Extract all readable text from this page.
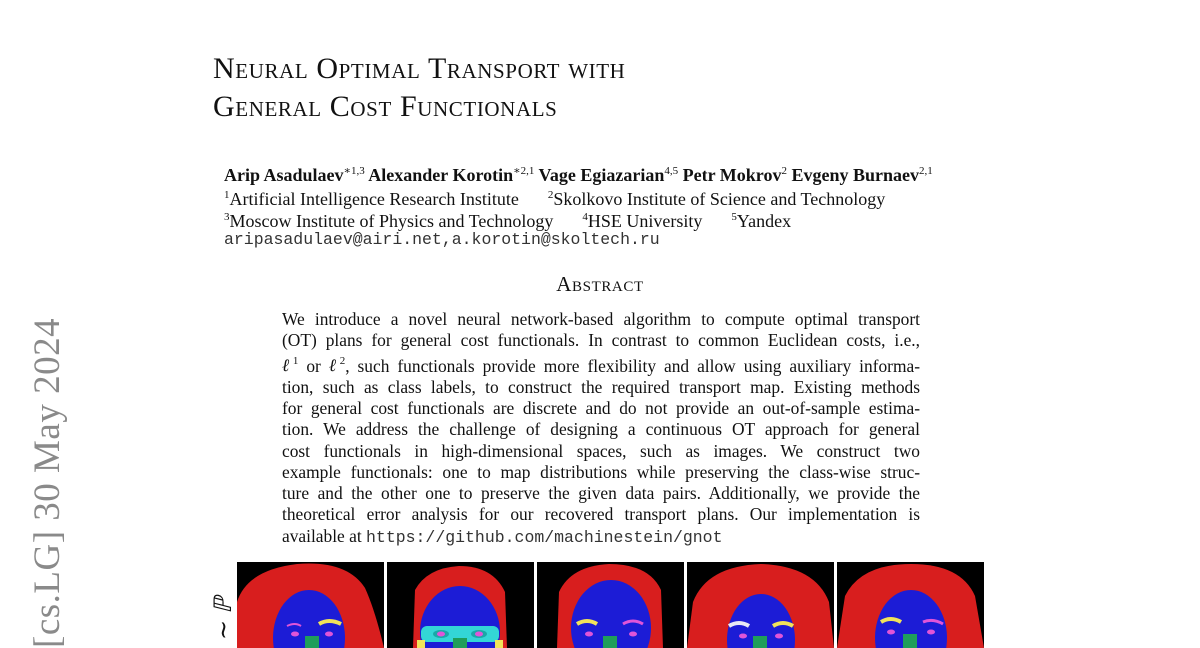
[cs.LG] 30 May 2024
Neural Optimal Transport with
General Cost Functionals
Arip Asadulaev$^{∗1,3}$ Alexander Korotin$^{∗2,1}$ Vage Egiazarian$^{4,5}$ Petr Mokrov$^2$ Evgeny Burnaev$^{2,1}$
$^1$Artificial Intelligence Research Institute	$^2$Skolkovo Institute of Science and Technology
$^3$Moscow Institute of Physics and Technology	$^4$HSE University	$^5$Yandex
aripasadulaev@airi.net,a.korotin@skoltech.ru
Abstract
We introduce a novel neural network-based algorithm to compute optimal transport
(OT) plans for general cost functionals. In contrast to common Euclidean costs, i.e.,
ℓ$^1$ or ℓ$^2$, such functionals provide more flexibility and allow using auxiliary informa-
tion, such as class labels, to construct the required transport map. Existing methods
for general cost functionals are discrete and do not provide an out-of-sample estima-
tion. We address the challenge of designing a continuous OT approach for general
cost functionals in high-dimensional spaces, such as images. We construct two
example functionals: one to map distributions while preserving the class-wise struc-
ture and the other one to preserve the given data pairs. Additionally, we provide the
theoretical error analysis for our recovered transport plans. Our implementation is
available at https://github.com/machinestein/gnot
∼ ℙ
